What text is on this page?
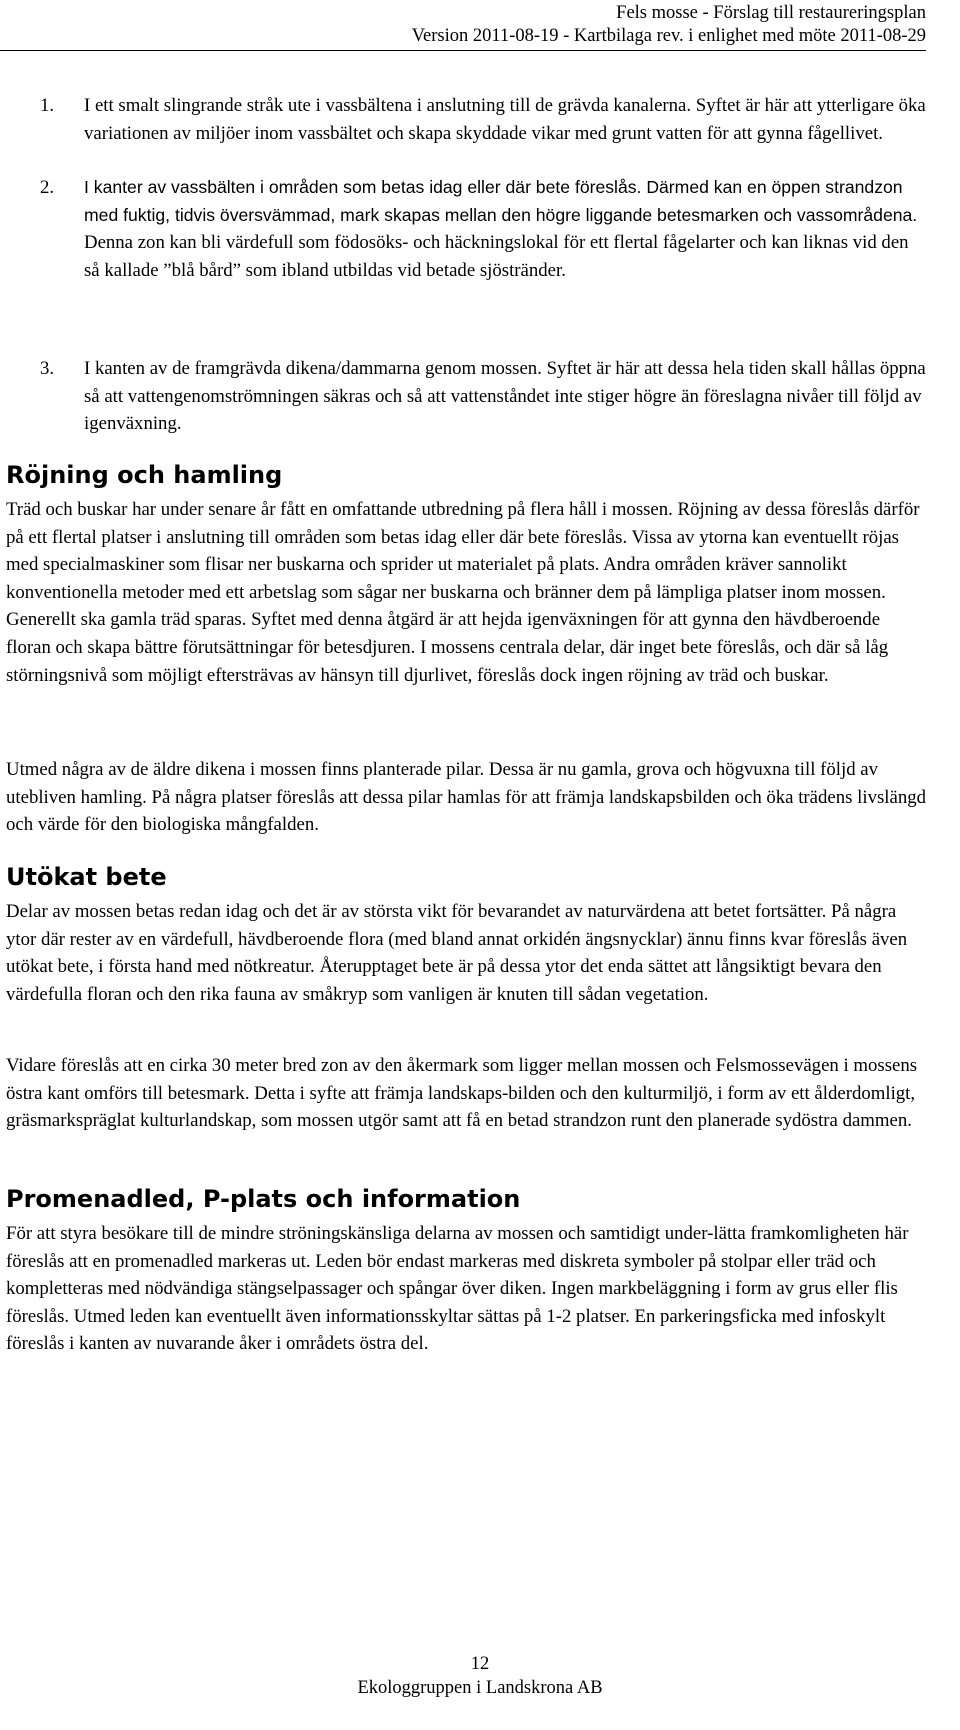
Fels mosse - Förslag till restaureringsplan
Version 2011-08-19 - Kartbilaga rev. i enlighet med möte 2011-08-29
1. I ett smalt slingrande stråk ute i vassbältena i anslutning till de grävda kanalerna. Syftet är här att ytterligare öka variationen av miljöer inom vassbältet och skapa skyddade vikar med grunt vatten för att gynna fågellivet.
2. I kanter av vassbälten i områden som betas idag eller där bete föreslås. Därmed kan en öppen strandzon med fuktig, tidvis översvämmad, mark skapas mellan den högre liggande betesmarken och vassområdena. Denna zon kan bli värdefull som födosöks- och häckningslokal för ett flertal fågelarter och kan liknas vid den så kallade ”blå bård” som ibland utbildas vid betade sjöstränder.
3. I kanten av de framgrävda dikena/dammarna genom mossen. Syftet är här att dessa hela tiden skall hållas öppna så att vattengenomströmningen säkras och så att vattenståndet inte stiger högre än föreslagna nivåer till följd av igenväxning.
Röjning och hamling
Träd och buskar har under senare år fått en omfattande utbredning på flera håll i mossen. Röjning av dessa föreslås därför på ett flertal platser i anslutning till områden som betas idag eller där bete föreslås. Vissa av ytorna kan eventuellt röjas med specialmaskiner som flisar ner buskarna och sprider ut materialet på plats. Andra områden kräver sannolikt konventionella metoder med ett arbetslag som sågar ner buskarna och bränner dem på lämpliga platser inom mossen. Generellt ska gamla träd sparas. Syftet med denna åtgärd är att hejda igenväxningen för att gynna den hävdberoende floran och skapa bättre förutsättningar för betesdjuren. I mossens centrala delar, där inget bete föreslås, och där så låg störningsnivå som möjligt eftersträvas av hänsyn till djurlivet, föreslås dock ingen röjning av träd och buskar.
Utmed några av de äldre dikena i mossen finns planterade pilar. Dessa är nu gamla, grova och högvuxna till följd av utebliven hamling. På några platser föreslås att dessa pilar hamlas för att främja landskapsbilden och öka trädens livslängd och värde för den biologiska mångfalden.
Utökat bete
Delar av mossen betas redan idag och det är av största vikt för bevarandet av naturvärdena att betet fortsätter. På några ytor där rester av en värdefull, hävdberoende flora (med bland annat orkidén ängsnycklar) ännu finns kvar föreslås även utökat bete, i första hand med nötkreatur. Återupptaget bete är på dessa ytor det enda sättet att långsiktigt bevara den värdefulla floran och den rika fauna av småkryp som vanligen är knuten till sådan vegetation.
Vidare föreslås att en cirka 30 meter bred zon av den åkermark som ligger mellan mossen och Felsmossevägen i mossens östra kant omförs till betesmark. Detta i syfte att främja landskaps-bilden och den kulturmiljö, i form av ett ålderdomligt, gräsmarkspräglat kulturlandskap, som mossen utgör samt att få en betad strandzon runt den planerade sydöstra dammen.
Promenadled, P-plats och information
För att styra besökare till de mindre ströningskänsliga delarna av mossen och samtidigt under-lätta framkomligheten här föreslås att en promenadled markeras ut. Leden bör endast markeras med diskreta symboler på stolpar eller träd och kompletteras med nödvändiga stängselpassager och spångar över diken. Ingen markbeläggning i form av grus eller flis föreslås. Utmed leden kan eventuellt även informationsskyltar sättas på 1-2 platser. En parkeringsficka med infoskylt föreslås i kanten av nuvarande åker i områdets östra del.
12
Ekologgruppen i Landskrona AB
